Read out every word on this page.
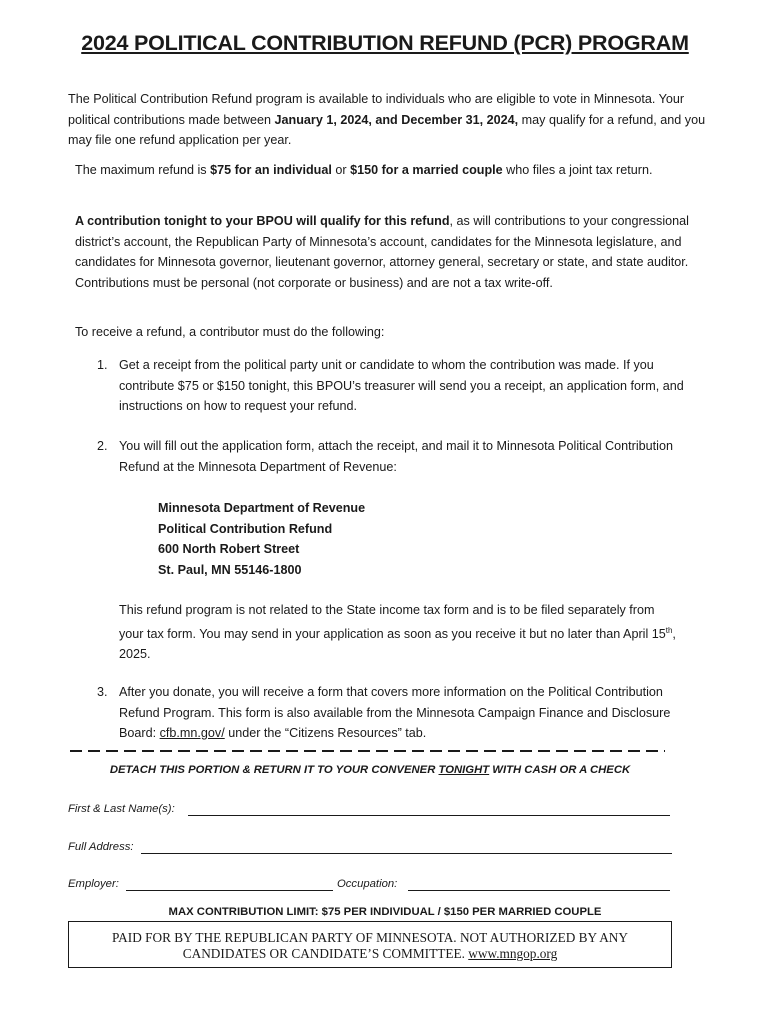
2024 POLITICAL CONTRIBUTION REFUND (PCR) PROGRAM
The Political Contribution Refund program is available to individuals who are eligible to vote in Minnesota. Your political contributions made between January 1, 2024, and December 31, 2024, may qualify for a refund, and you may file one refund application per year.
The maximum refund is $75 for an individual or $150 for a married couple who files a joint tax return.
A contribution tonight to your BPOU will qualify for this refund, as will contributions to your congressional district’s account, the Republican Party of Minnesota’s account, candidates for the Minnesota legislature, and candidates for Minnesota governor, lieutenant governor, attorney general, secretary or state, and state auditor. Contributions must be personal (not corporate or business) and are not a tax write-off.
To receive a refund, a contributor must do the following:
1. Get a receipt from the political party unit or candidate to whom the contribution was made. If you contribute $75 or $150 tonight, this BPOU’s treasurer will send you a receipt, an application form, and instructions on how to request your refund.
2. You will fill out the application form, attach the receipt, and mail it to Minnesota Political Contribution Refund at the Minnesota Department of Revenue:
Minnesota Department of Revenue
Political Contribution Refund
600 North Robert Street
St. Paul, MN 55146-1800
This refund program is not related to the State income tax form and is to be filed separately from your tax form. You may send in your application as soon as you receive it but no later than April 15th, 2025.
3. After you donate, you will receive a form that covers more information on the Political Contribution Refund Program. This form is also available from the Minnesota Campaign Finance and Disclosure Board: cfb.mn.gov/ under the “Citizens Resources” tab.
DETACH THIS PORTION & RETURN IT TO YOUR CONVENER TONIGHT WITH CASH OR A CHECK
First & Last Name(s):
Full Address:
Employer:	Occupation:
MAX CONTRIBUTION LIMIT: $75 PER INDIVIDUAL / $150 PER MARRIED COUPLE
PAID FOR BY THE REPUBLICAN PARTY OF MINNESOTA. NOT AUTHORIZED BY ANY
CANDIDATES OR CANDIDATE’S COMMITTEE. www.mngop.org
